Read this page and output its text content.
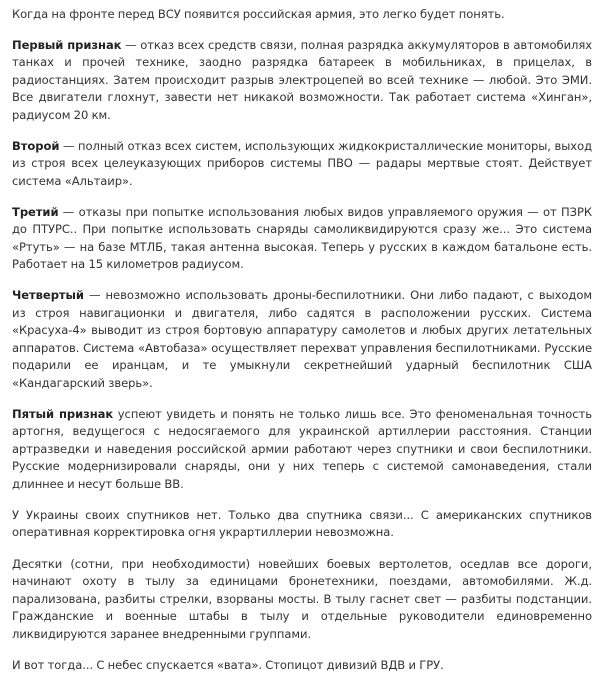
Когда на фронте перед ВСУ появится российская армия, это легко будет понять.

Первый признак — отказ всех средств связи, полная разрядка аккумуляторов в автомобилях танках и прочей технике, заодно разрядка батареек в мобильниках, в прицелах, в радиостанциях. Затем происходит разрыв электроцепей во всей технике — любой. Это ЭМИ. Все двигатели глохнут, завести нет никакой возможности. Так работает система «Хинган», радиусом 20 км.

Второй — полный отказ всех систем, использующих жидкокристаллические мониторы, выход из строя всех целеуказующих приборов системы ПВО — радары мертвые стоят. Действует система «Альтаир».

Третий — отказы при попытке использования любых видов управляемого оружия — от ПЗРК до ПТУРС.. При попытке использовать снаряды самоликвидируются сразу же... Это система «Ртуть» — на базе МТЛБ, такая антенна высокая. Теперь у русских в каждом батальоне есть. Работает на 15 километров радиусом.

Четвертый — невозможно использовать дроны-беспилотники. Они либо падают, с выходом из строя навигационки и двигателя, либо садятся в расположении русских. Система «Красуха-4» выводит из строя бортовую аппаратуру самолетов и любых других летательных аппаратов. Система «Автобаза» осуществляет перехват управления беспилотниками. Русские подарили ее иранцам, и те умыкнули секретнейший ударный беспилотник США «Кандагарский зверь».

Пятый признак успеют увидеть и понять не только лишь все. Это феноменальная точность артогня, ведущегося с недосягаемого для украинской артиллерии расстояния. Станции артразведки и наведения российской армии работают через спутники и свои беспилотники. Русские модернизировали снаряды, они у них теперь с системой самонаведения, стали длиннее и несут больше ВВ.

У Украины своих спутников нет. Только два спутника связи... С американских спутников оперативная корректировка огня украртиллерии невозможна.

Десятки (сотни, при необходимости) новейших боевых вертолетов, оседлав все дороги, начинают охоту в тылу за единицами бронетехники, поездами, автомобилями. Ж.д. парализована, разбиты стрелки, взорваны мосты. В тылу гаснет свет — разбиты подстанции. Гражданские и военные штабы в тылу и отдельные руководители единовременно ликвидируются заранее внедренными группами.

И вот тогда... С небес спускается «вата». Стопицот дивизий ВДВ и ГРУ.
